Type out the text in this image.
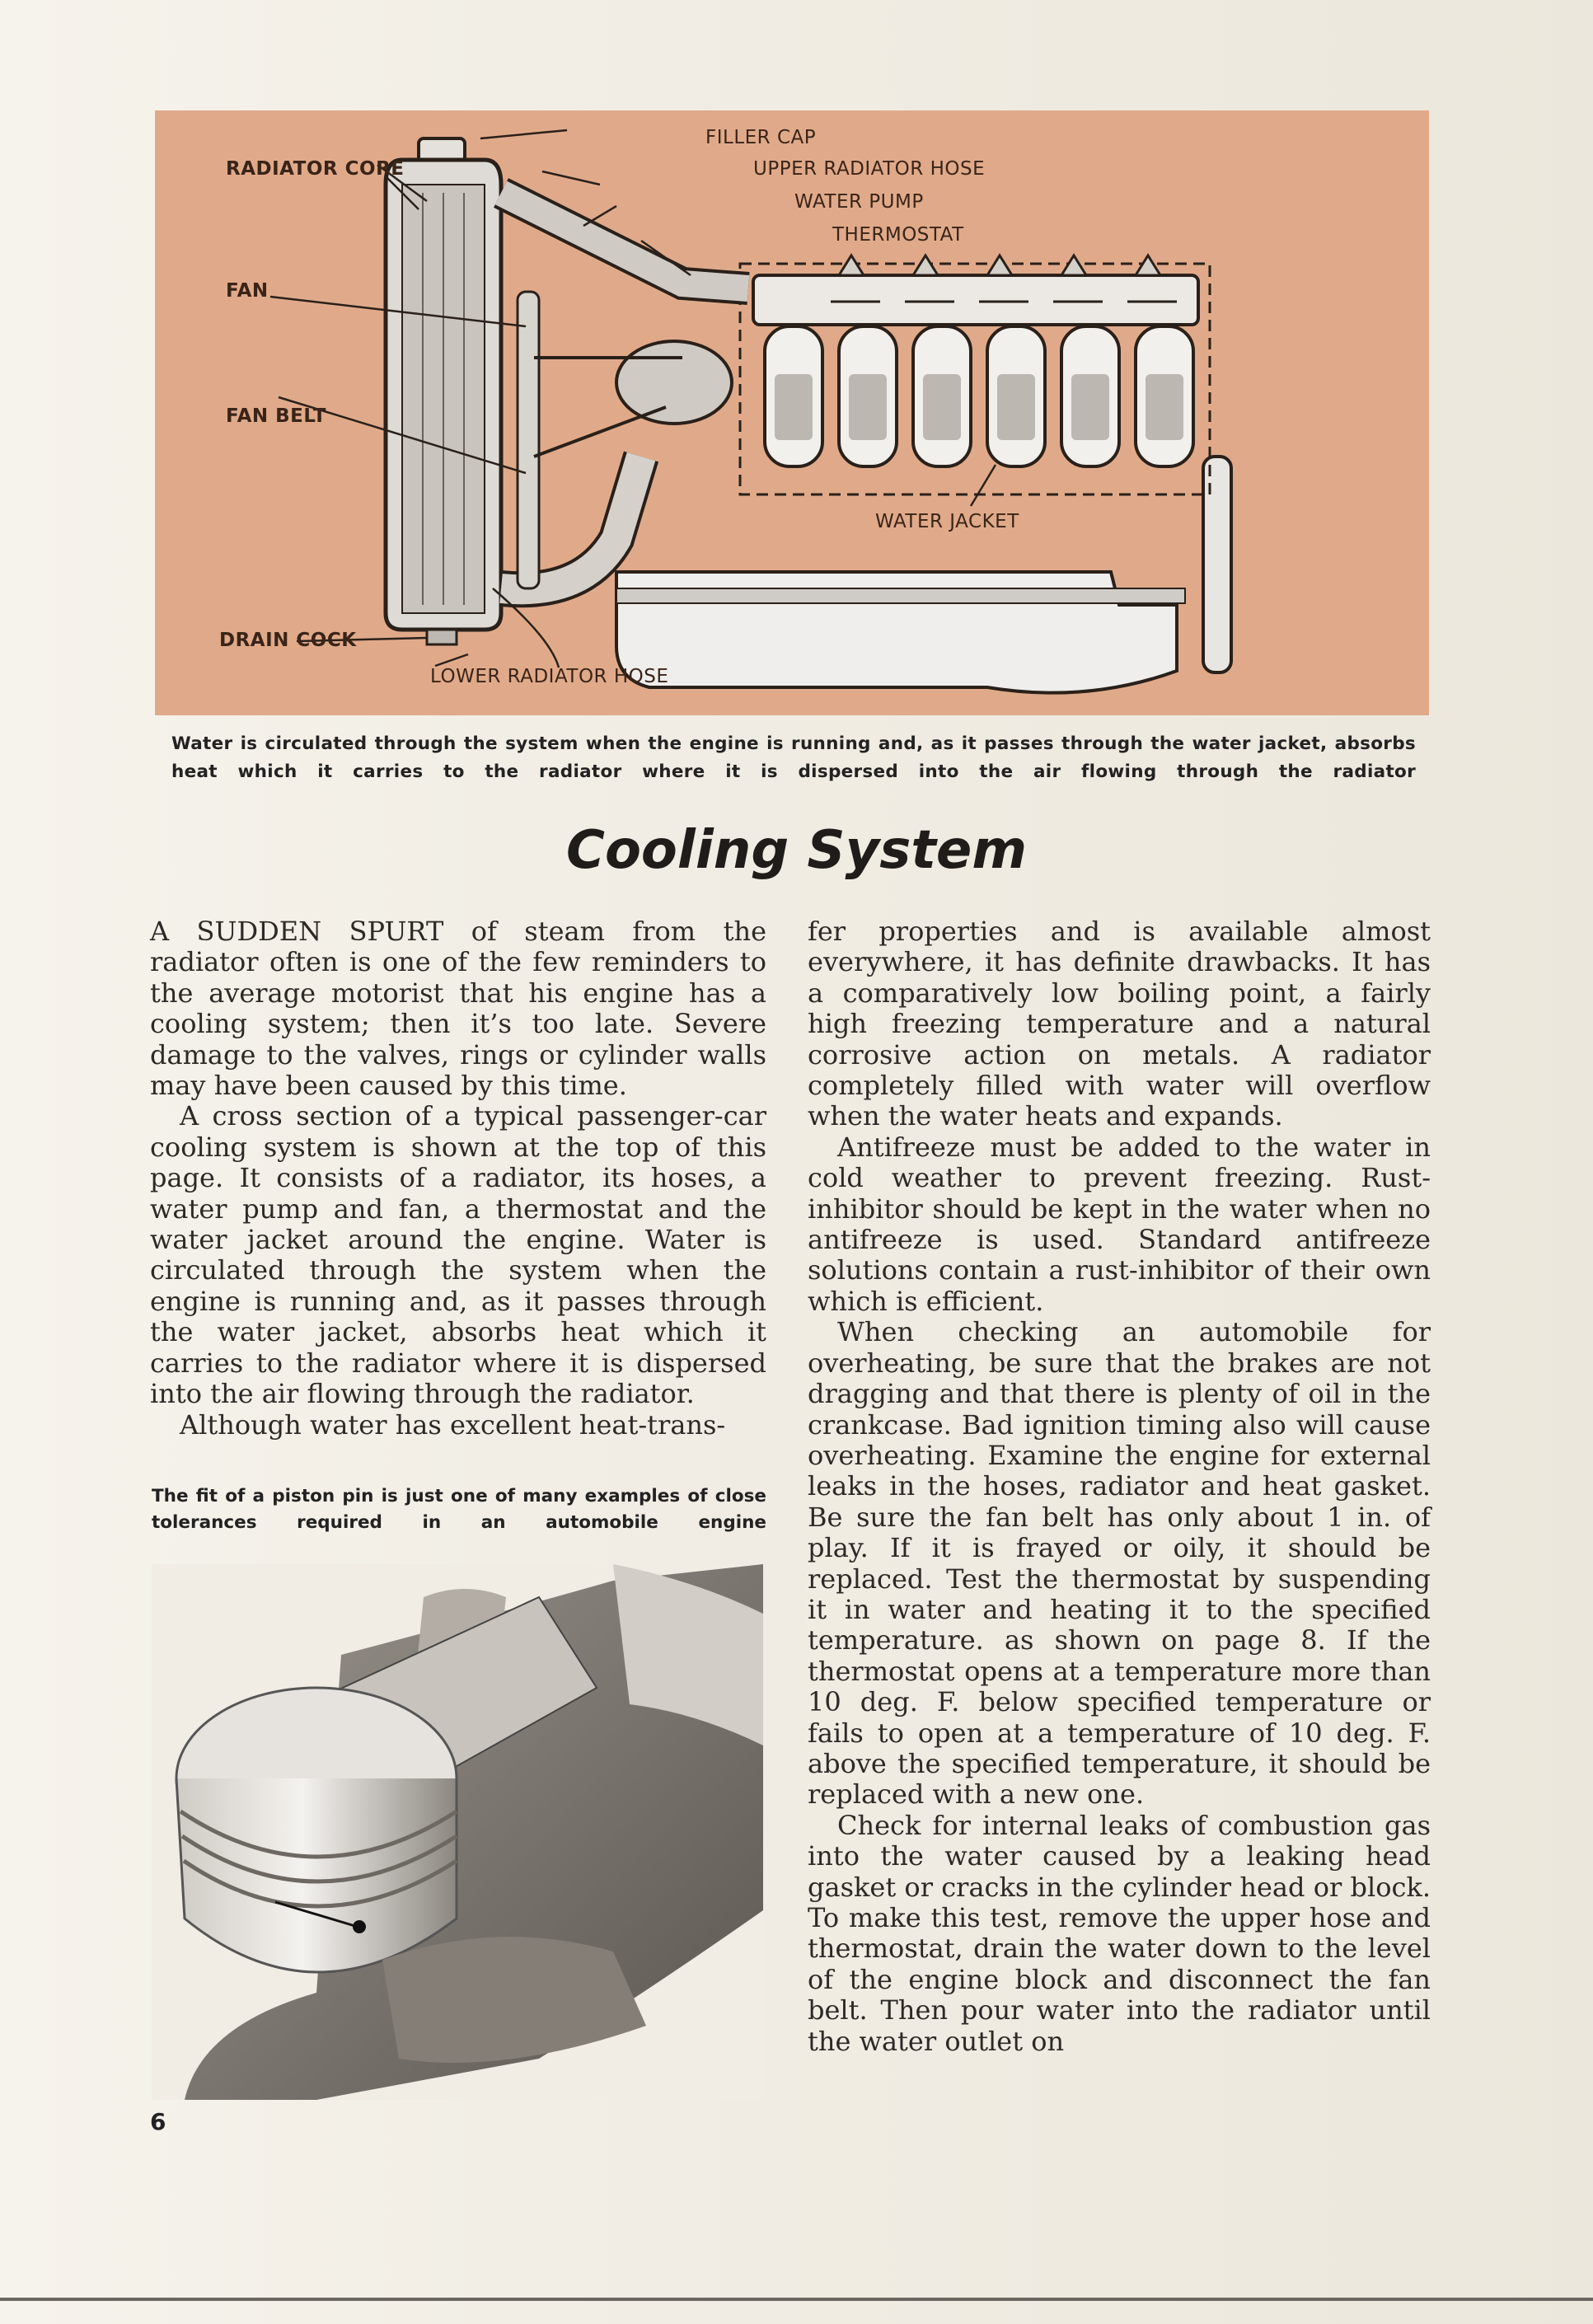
FILLER CAP
RADIATOR CORE	UPPER RADIATOR HOSE
WATER PUMP
THERMOSTAT
FAN
FAN BELT
WATER JACKET
DRAIN COCK
LOWER RADIATOR HOSE
Water is circulated through the system when the engine is running and, as it passes through the water jacket, absorbs heat which it carries to the radiator where it is dispersed into the air flowing through the radiator
Cooling System

A SUDDEN SPURT of steam from the radiator often is one of the few reminders to the average motorist that his engine has a cooling system; then it’s too late. Severe damage to the valves, rings or cylinder walls may have been caused by this time.

A cross section of a typical passenger-car cooling system is shown at the top of this page. It consists of a radiator, its hoses, a water pump and fan, a thermostat and the water jacket around the engine. Water is circulated through the system when the engine is running and, as it passes through the water jacket, absorbs heat which it carries to the radiator where it is dispersed into the air flowing through the radiator.

Although water has excellent heat-trans-

The fit of a piston pin is just one of many examples of close tolerances required in an automobile engine

fer properties and is available almost everywhere, it has definite drawbacks. It has a comparatively low boiling point, a fairly high freezing temperature and a natural corrosive action on metals. A radiator completely filled with water will overflow when the water heats and expands.

Antifreeze must be added to the water in cold weather to prevent freezing. Rust-inhibitor should be kept in the water when no antifreeze is used. Standard antifreeze solutions contain a rust-inhibitor of their own which is efficient.

When checking an automobile for overheating, be sure that the brakes are not dragging and that there is plenty of oil in the crankcase. Bad ignition timing also will cause overheating. Examine the engine for external leaks in the hoses, radiator and heat gasket. Be sure the fan belt has only about 1 in. of play. If it is frayed or oily, it should be replaced. Test the thermostat by suspending it in water and heating it to the specified temperature. as shown on page 8. If the thermostat opens at a temperature more than 10 deg. F. below specified temperature or fails to open at a temperature of 10 deg. F. above the specified temperature, it should be replaced with a new one.

Check for internal leaks of combustion gas into the water caused by a leaking head gasket or cracks in the cylinder head or block. To make this test, remove the upper hose and thermostat, drain the water down to the level of the engine block and disconnect the fan belt. Then pour water into the radiator until the water outlet on

6
